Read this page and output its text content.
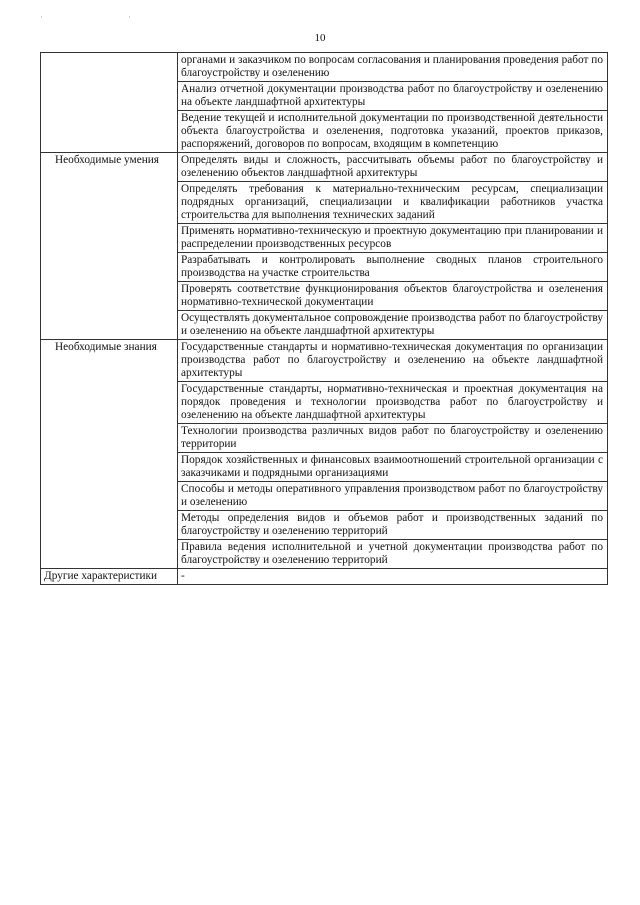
·	·
10

	органами и заказчиком по вопросам согласования и планирования проведения работ по благоустройству и озеленению

	Анализ отчетной документации производства работ по благоустройству и озеленению на объекте ландшафтной архитектуры

	Ведение текущей и исполнительной документации по производственной деятельности объекта благоустройства и озеленения, подготовка указаний, проектов приказов, распоряжений, договоров по вопросам, входящим в компетенцию

Необходимые умения	Определять виды и сложность, рассчитывать объемы работ по благоустройству и озеленению объектов ландшафтной архитектуры

	Определять требования к материально-техническим ресурсам, специализации подрядных организаций, специализации и квалификации работников участка строительства для выполнения технических заданий

	Применять нормативно-техническую и проектную документацию при планировании и распределении производственных ресурсов

	Разрабатывать и контролировать выполнение сводных планов строительного производства на участке строительства

	Проверять соответствие функционирования объектов благоустройства и озеленения нормативно-технической документации

	Осуществлять документальное сопровождение производства работ по благоустройству и озеленению на объекте ландшафтной архитектуры

Необходимые знания	Государственные стандарты и нормативно-техническая документация по организации производства работ по благоустройству и озеленению на объекте ландшафтной архитектуры

	Государственные стандарты, нормативно-техническая и проектная документация на порядок проведения и технологии производства работ по благоустройству и озеленению на объекте ландшафтной архитектуры

	Технологии производства различных видов работ по благоустройству и озеленению территории

	Порядок хозяйственных и финансовых взаимоотношений строительной организации с заказчиками и подрядными организациями

	Способы и методы оперативного управления производством работ по благоустройству и озеленению

	Методы определения видов и объемов работ и производственных заданий по благоустройству и озеленению территорий

	Правила ведения исполнительной и учетной документации производства работ по благоустройству и озеленению территорий

Другие характеристики	-
